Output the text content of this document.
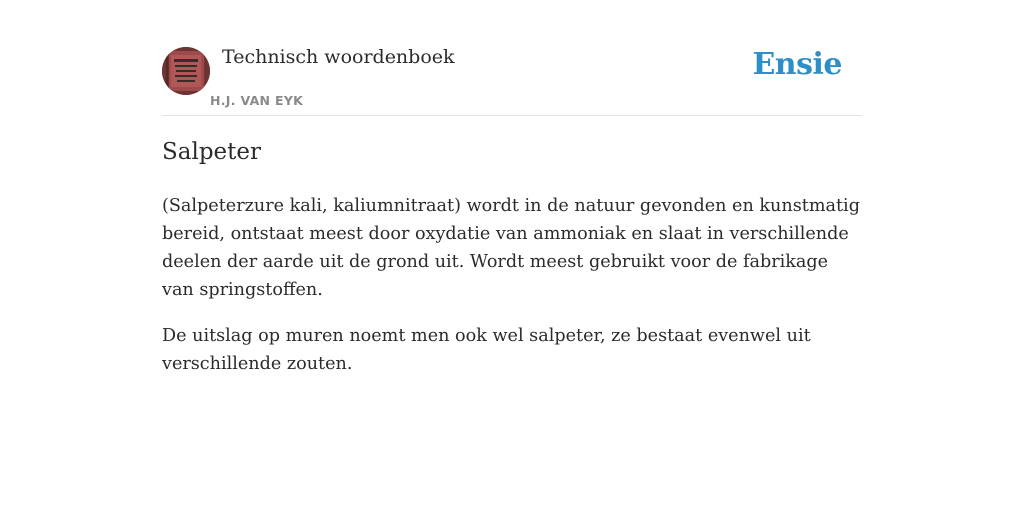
Technisch woordenboek
H.J. VAN EYK
Ensie
Salpeter

(Salpeterzure kali, kaliumnitraat) wordt in de natuur gevonden en kunstmatig bereid, ontstaat meest door oxydatie van ammoniak en slaat in verschillende deelen der aarde uit de grond uit. Wordt meest gebruikt voor de fabrikage van springstoffen.

De uitslag op muren noemt men ook wel salpeter, ze bestaat evenwel uit verschillende zouten.
